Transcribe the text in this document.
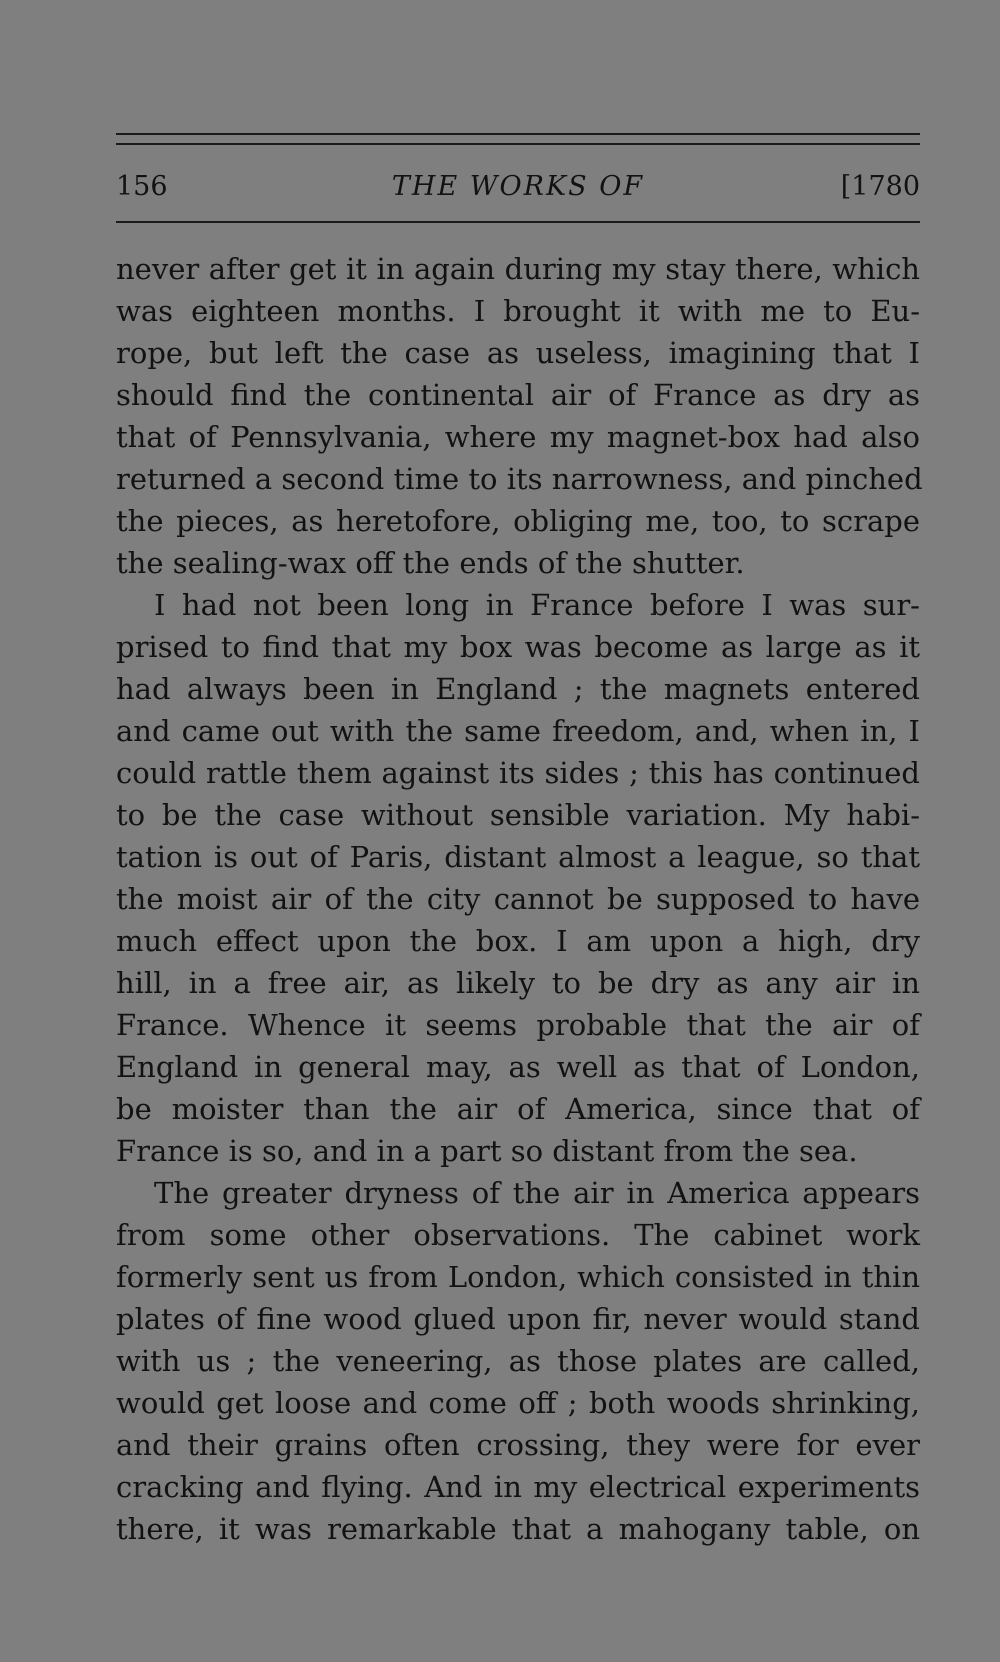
156	THE WORKS OF	[1780
never after get it in again during my stay there, which
was eighteen months. I brought it with me to Eu-
rope, but left the case as useless, imagining that I
should find the continental air of France as dry as
that of Pennsylvania, where my magnet-box had also
returned a second time to its narrowness, and pinched
the pieces, as heretofore, obliging me, too, to scrape
the sealing-wax off the ends of the shutter.
I had not been long in France before I was sur-
prised to find that my box was become as large as it
had always been in England ; the magnets entered
and came out with the same freedom, and, when in, I
could rattle them against its sides ; this has continued
to be the case without sensible variation. My habi-
tation is out of Paris, distant almost a league, so that
the moist air of the city cannot be supposed to have
much effect upon the box. I am upon a high, dry
hill, in a free air, as likely to be dry as any air in
France. Whence it seems probable that the air of
England in general may, as well as that of London,
be moister than the air of America, since that of
France is so, and in a part so distant from the sea.
The greater dryness of the air in America appears
from some other observations. The cabinet work
formerly sent us from London, which consisted in thin
plates of fine wood glued upon fir, never would stand
with us ; the veneering, as those plates are called,
would get loose and come off ; both woods shrinking,
and their grains often crossing, they were for ever
cracking and flying. And in my electrical experiments
there, it was remarkable that a mahogany table, on
